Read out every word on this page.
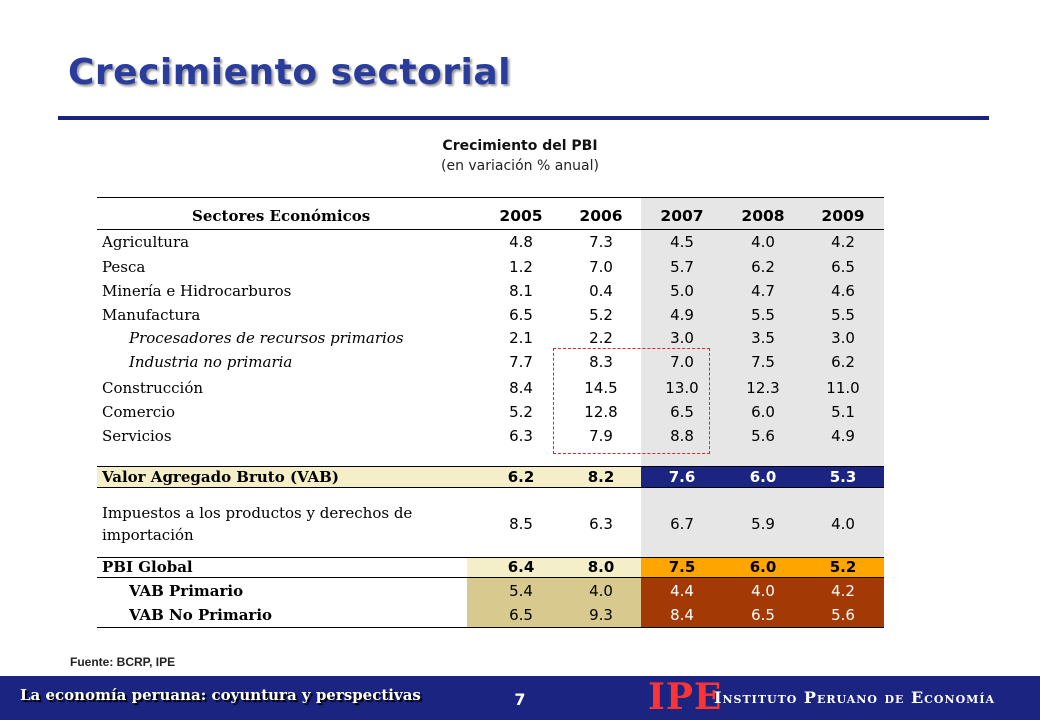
Crecimiento sectorial
Crecimiento del PBI
(en variación % anual)
Sectores Económicos	2005	2006	2007	2008	2009
Agricultura	4.8	7.3	4.5	4.0	4.2
Pesca	1.2	7.0	5.7	6.2	6.5
Minería e Hidrocarburos	8.1	0.4	5.0	4.7	4.6
Manufactura	6.5	5.2	4.9	5.5	5.5
Procesadores de recursos primarios	2.1	2.2	3.0	3.5	3.0
Industria no primaria	7.7	8.3	7.0	7.5	6.2
Construcción	8.4	14.5	13.0	12.3	11.0
Comercio	5.2	12.8	6.5	6.0	5.1
Servicios	6.3	7.9	8.8	5.6	4.9
Valor Agregado Bruto (VAB)	6.2	8.2	7.6	6.0	5.3
Impuestos a los productos y derechos de
importación
8.5	6.3	6.7	5.9	4.0
PBI Global	6.4	8.0	7.5	6.0	5.2
VAB Primario	5.4	4.0	4.4	4.0	4.2
VAB No Primario	6.5	9.3	8.4	6.5	5.6
Fuente: BCRP, IPE
La economía peruana: coyuntura y perspectivas	7	IPE
Instituto Peruano de Economía
